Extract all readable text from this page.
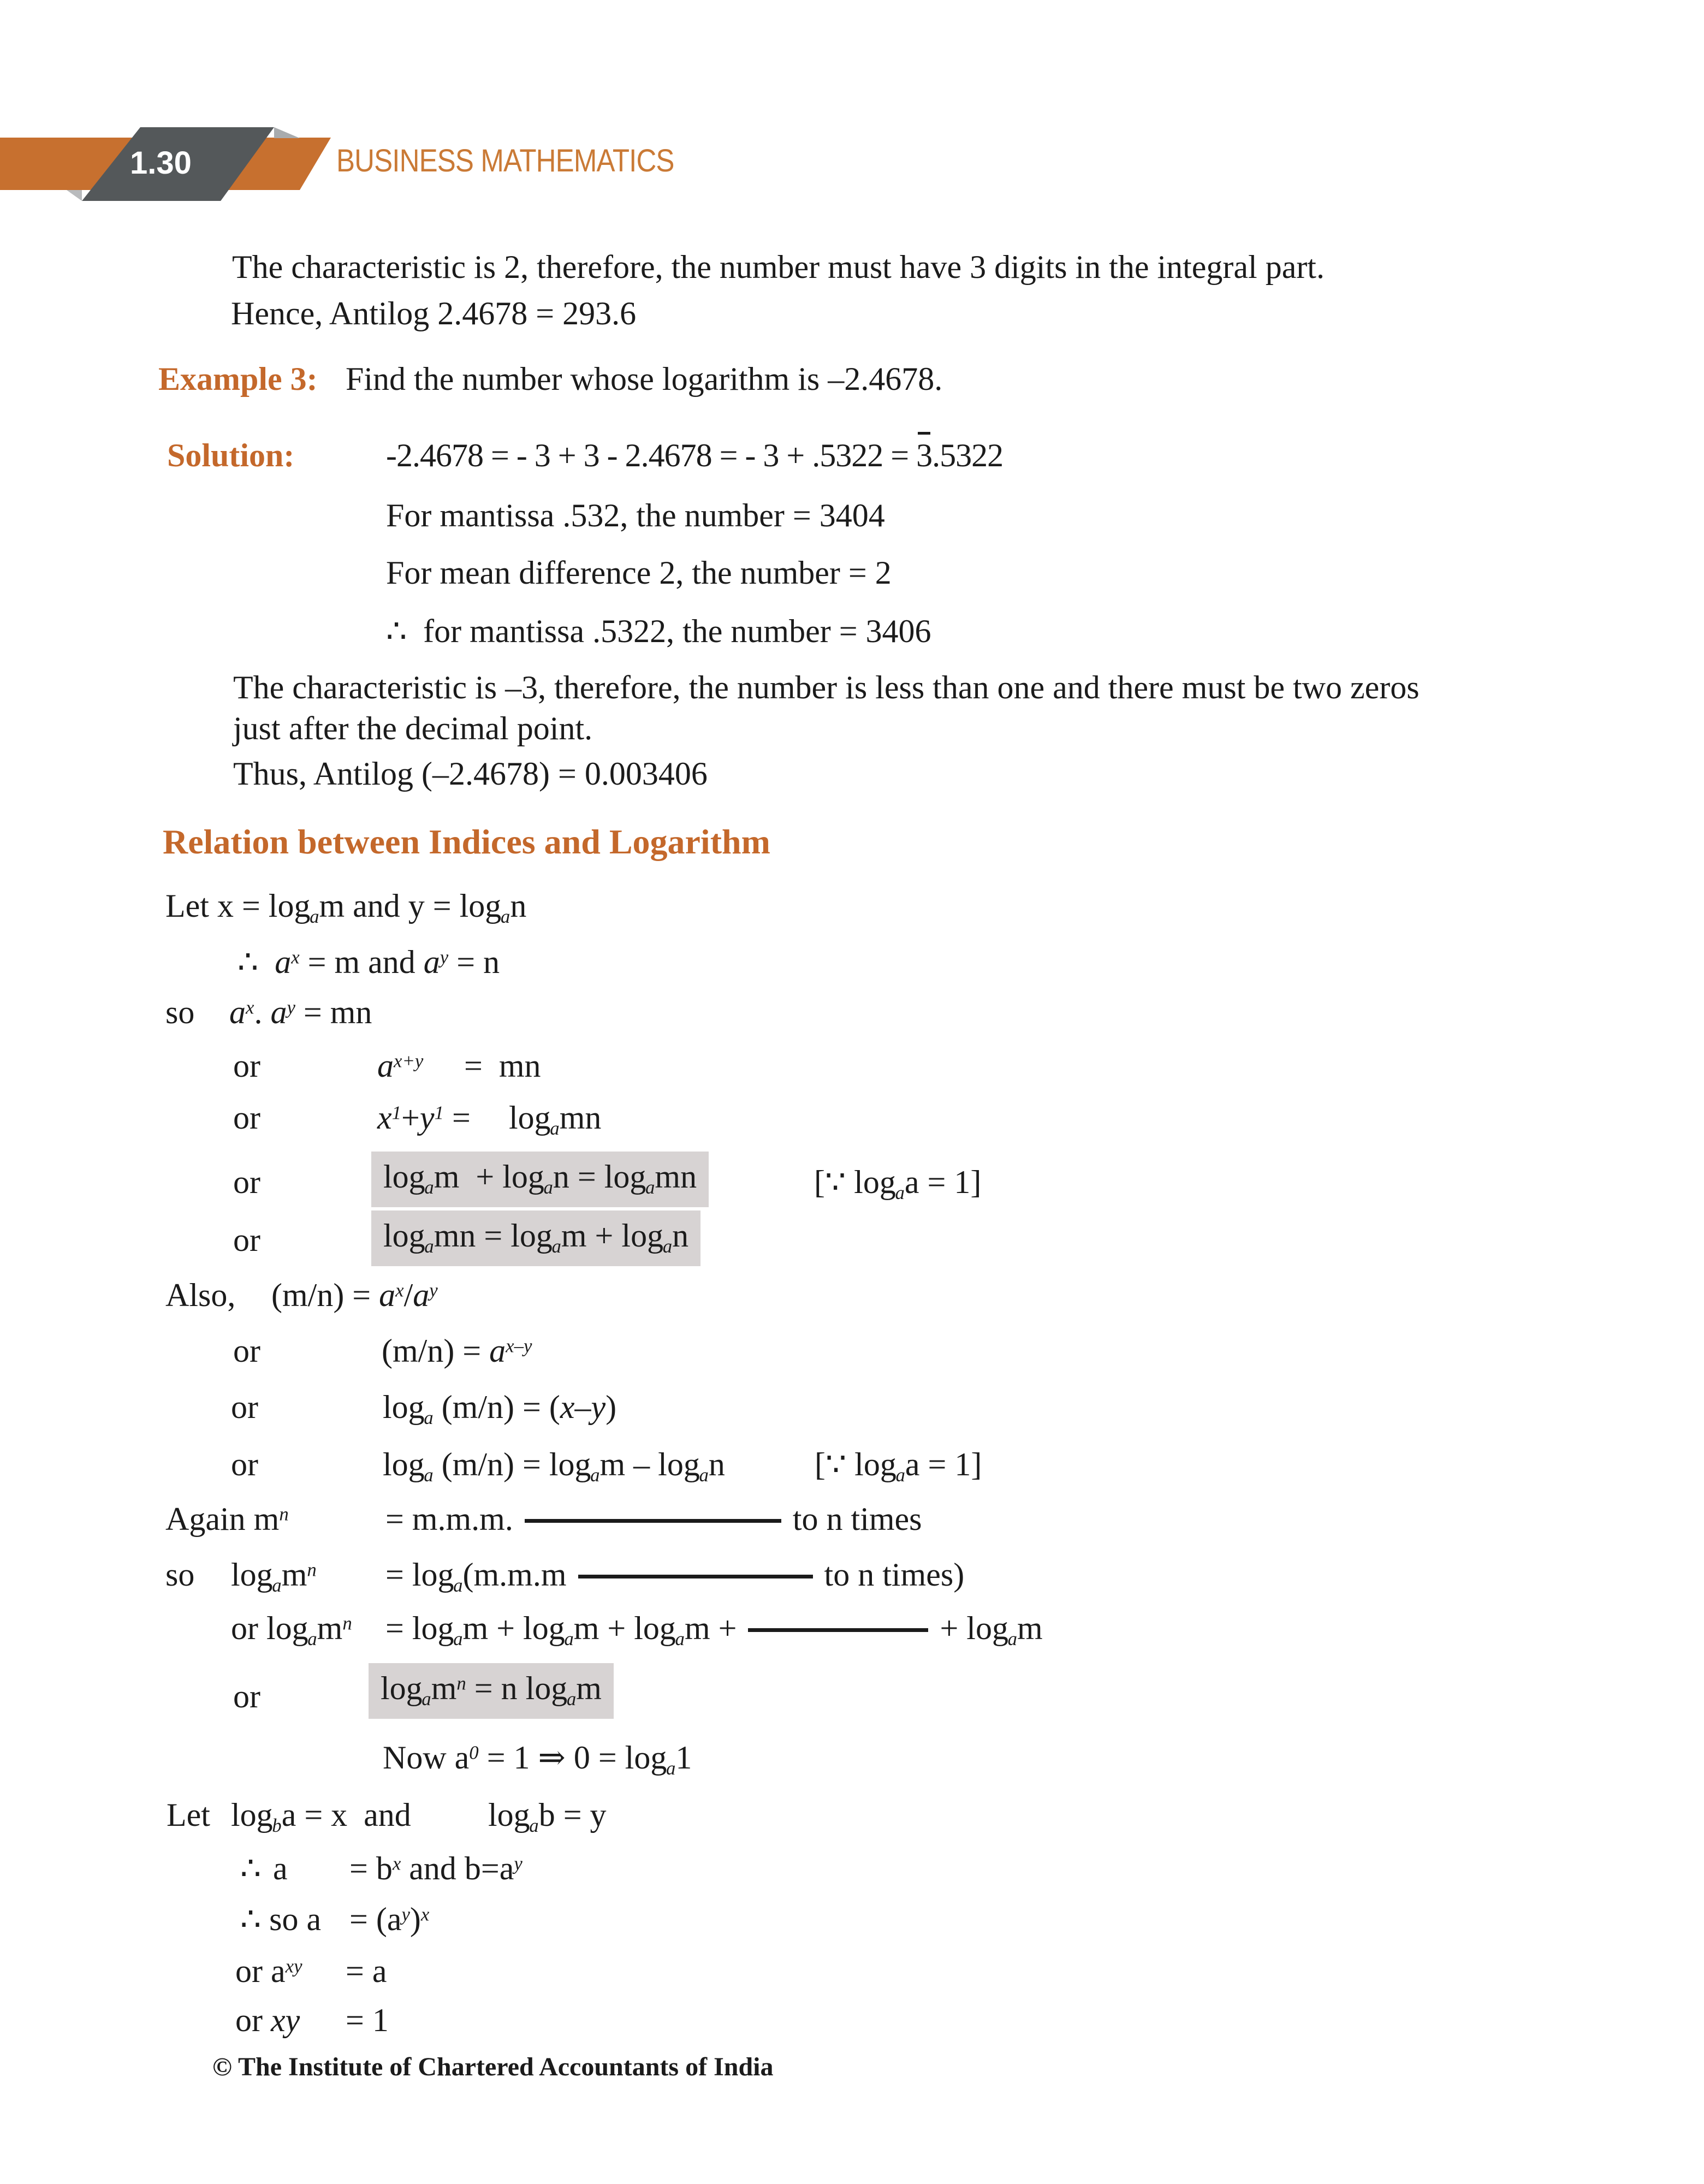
1.30	BUSINESS MATHEMATICS
The characteristic is 2, therefore, the number must have 3 digits in the integral part.
Hence, Antilog 2.4678 = 293.6
Example 3: Find the number whose logarithm is –2.4678.
Solution:	-2.4678 = - 3 + 3 - 2.4678 = - 3 + .5322 = 3.5322
For mantissa .532, the number = 3404
For mean difference 2, the number = 2
∴  for mantissa .5322, the number = 3406
The characteristic is –3, therefore, the number is less than one and there must be two zeros
just after the decimal point.
Thus, Antilog (–2.4678) = 0.003406
Relation between Indices and Logarithm
Let $x = \log_am$ and $y = \log_an$
∴  $a^x = m$ and $a^y = n$
so $a^x$. $a^y$ = mn
or	$a^{x+y}$ =  mn
or	$x^1+y^1 = \log_amn$
or	$\log_am + \log_an = \log_amn$	[∵ $\log_aa = 1$]
or	$\log_amn = \log_am + \log_an$
Also, $(m/n) = a^x/a^y$
or	$(m/n) = a^{x-y}$
or	$\log_a (m/n) = (x-y)$
or	$\log_a (m/n) = \log_am - \log_an$	[∵ $\log_aa = 1$]
Again $m^n$	= m.m.m.	to n times
so $\log_am^n = \log_a(m.m.m$	to n times)
or $\log_am^n = \log_am + \log_am + \log_am$ +	+ $\log_am$
or	$\log_am^n = n$ $\log_am$
Now $a^0 = 1$ ⇒ $0 = \log_a1$
Let $\log_ba = x$  and $\log_ab = y$
∴ $a = b^x$ and $b=a^y$
∴ so $a = (a^y)^x$
or $a^{xy} = a$
or xy = 1
© The Institute of Chartered Accountants of India
